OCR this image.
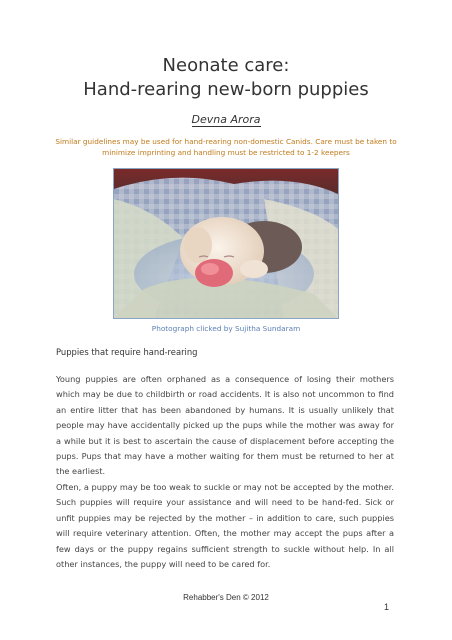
Neonate care:
Hand-rearing new-born puppies
Devna Arora
Similar guidelines may be used for hand-rearing non-domestic Canids. Care must be taken to minimize imprinting and handling must be restricted to 1-2 keepers
Photograph clicked by Sujitha Sundaram
Puppies that require hand-rearing
Young puppies are often orphaned as a consequence of losing their mothers which may be due to childbirth or road accidents. It is also not uncommon to find an entire litter that has been abandoned by humans. It is usually unlikely that people may have accidentally picked up the pups while the mother was away for a while but it is best to ascertain the cause of displacement before accepting the pups. Pups that may have a mother waiting for them must be returned to her at the earliest.
Often, a puppy may be too weak to suckle or may not be accepted by the mother. Such puppies will require your assistance and will need to be hand-fed. Sick or unfit puppies may be rejected by the mother – in addition to care, such puppies will require veterinary attention. Often, the mother may accept the pups after a few days or the puppy regains sufficient strength to suckle without help. In all other instances, the puppy will need to be cared for.
Rehabber's Den © 2012
1
